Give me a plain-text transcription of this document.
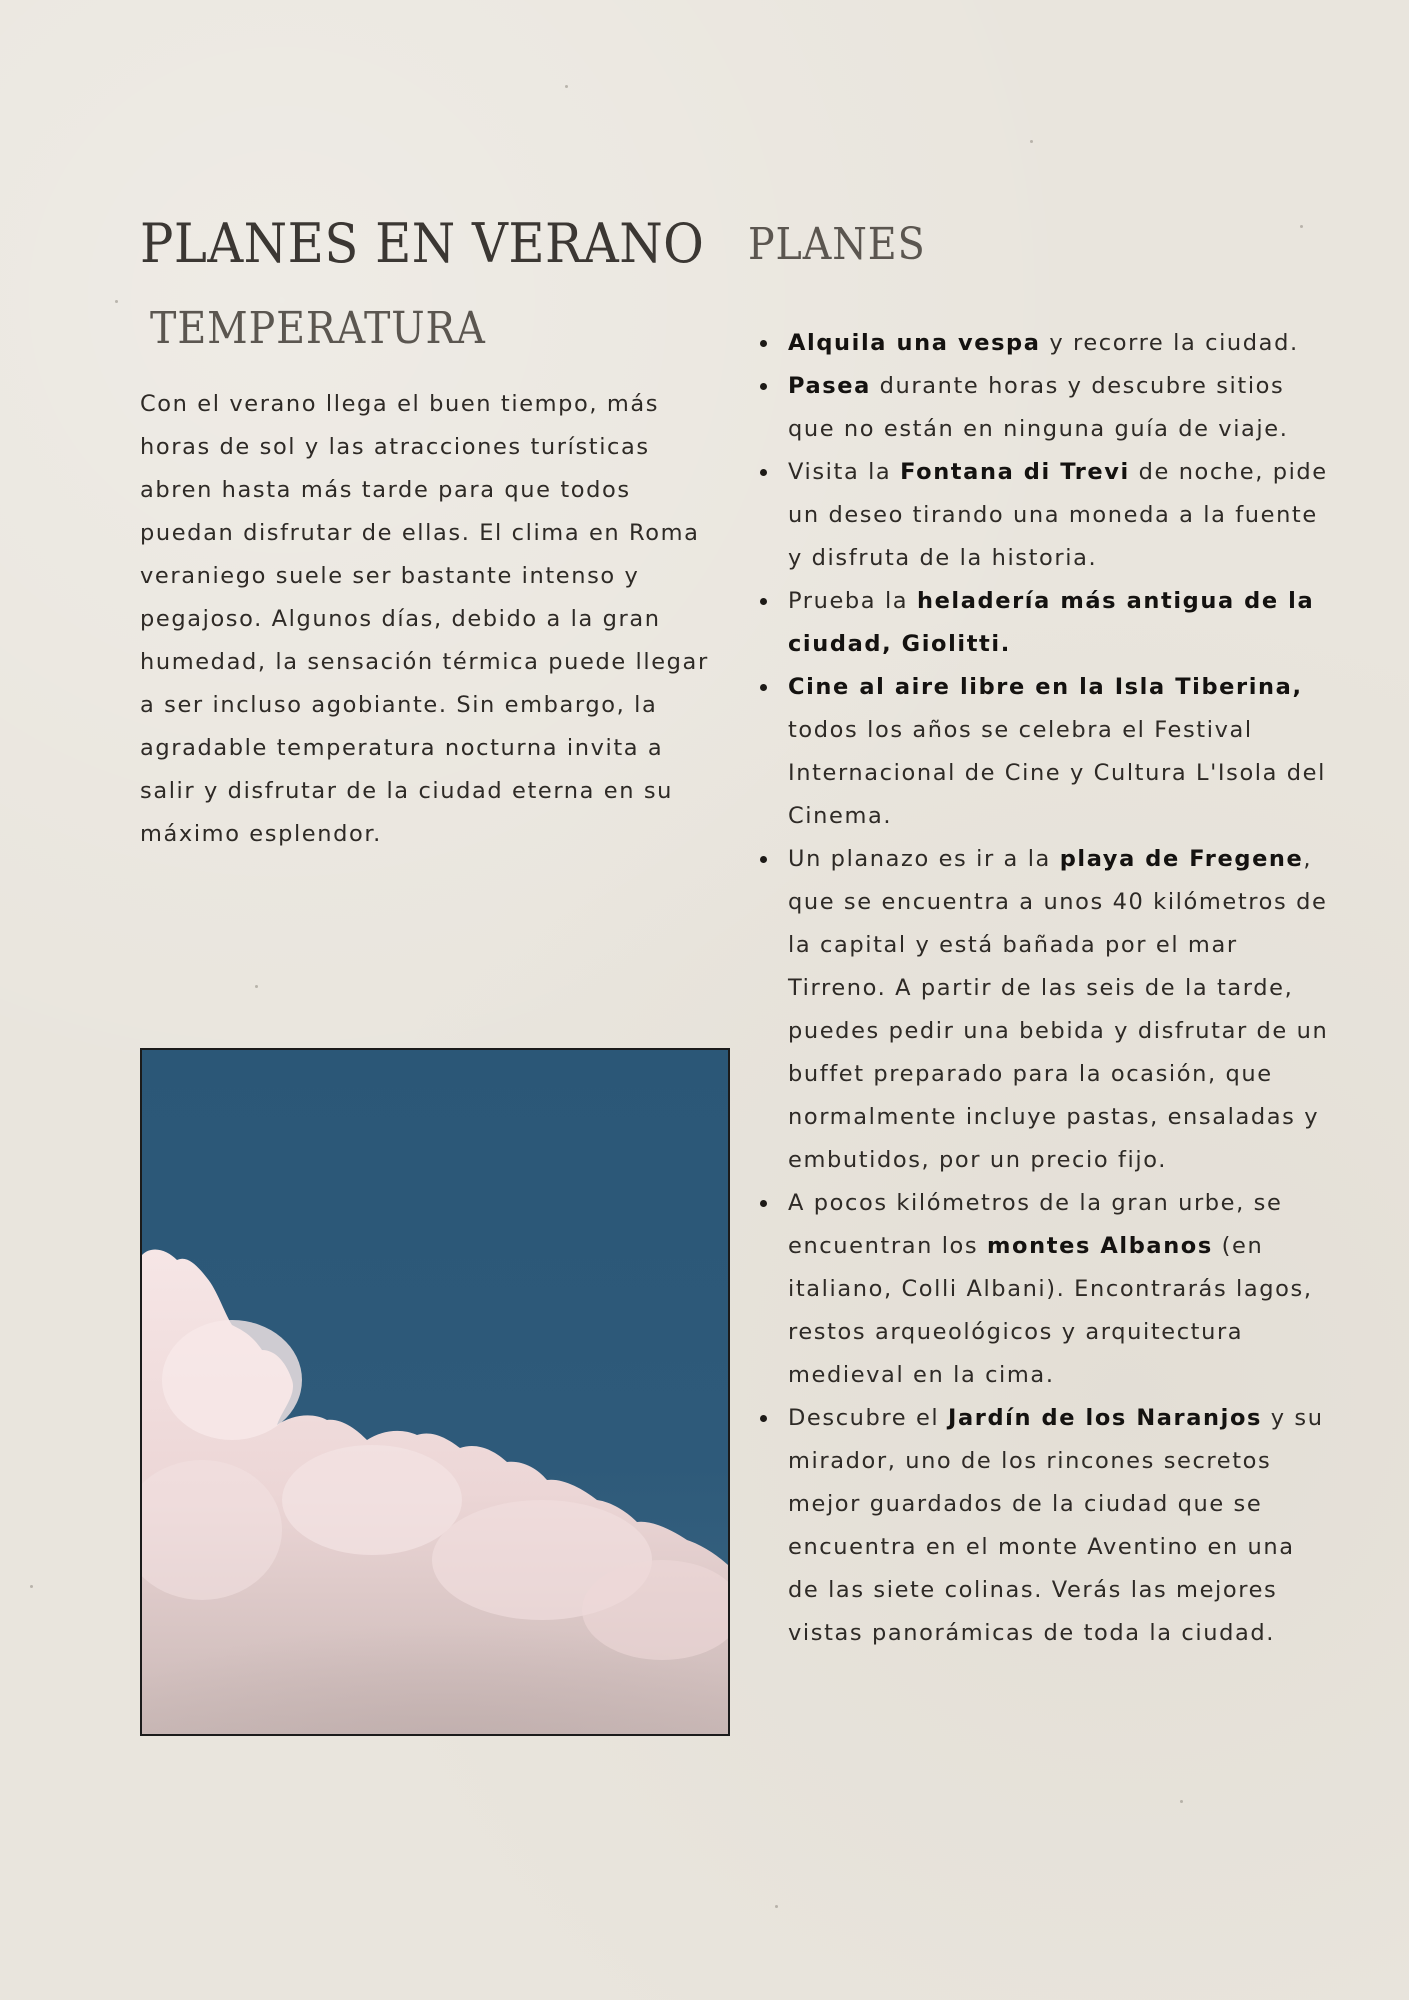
PLANES EN VERANO
TEMPERATURA
PLANES

Con el verano llega el buen tiempo, más horas de sol y las atracciones turísticas abren hasta más tarde para que todos puedan disfrutar de ellas. El clima en Roma veraniego suele ser bastante intenso y pegajoso. Algunos días, debido a la gran humedad, la sensación térmica puede llegar a ser incluso agobiante. Sin embargo, la agradable temperatura nocturna invita a salir y disfrutar de la ciudad eterna en su máximo esplendor.

Alquila una vespa y recorre la ciudad.
Pasea durante horas y descubre sitios que no están en ninguna guía de viaje.
Visita la Fontana di Trevi de noche, pide un deseo tirando una moneda a la fuente y disfruta de la historia.
Prueba la heladería más antigua de la ciudad, Giolitti.
Cine al aire libre en la Isla Tiberina, todos los años se celebra el Festival Internacional de Cine y Cultura L'Isola del Cinema.
Un planazo es ir a la playa de Fregene, que se encuentra a unos 40 kilómetros de la capital y está bañada por el mar Tirreno. A partir de las seis de la tarde, puedes pedir una bebida y disfrutar de un buffet preparado para la ocasión, que normalmente incluye pastas, ensaladas y embutidos, por un precio fijo.
A pocos kilómetros de la gran urbe, se encuentran los montes Albanos (en italiano, Colli Albani). Encontrarás lagos, restos arqueológicos y arquitectura medieval en la cima.
Descubre el Jardín de los Naranjos y su mirador, uno de los rincones secretos mejor guardados de la ciudad que se encuentra en el monte Aventino en una de las siete colinas. Verás las mejores vistas panorámicas de toda la ciudad.
